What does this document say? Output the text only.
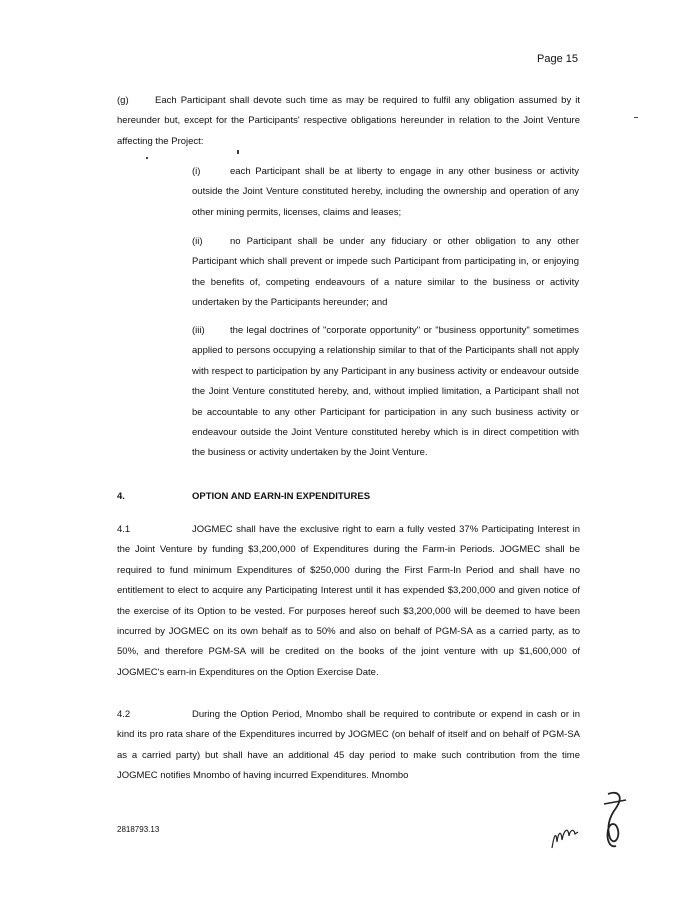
Page 15

(g)	Each Participant shall devote such time as may be required to fulfil any obligation assumed by it hereunder but, except for the Participants' respective obligations hereunder in relation to the Joint Venture affecting the Project:

(i)	each Participant shall be at liberty to engage in any other business or activity outside the Joint Venture constituted hereby, including the ownership and operation of any other mining permits, licenses, claims and leases;

(ii)	no Participant shall be under any fiduciary or other obligation to any other Participant which shall prevent or impede such Participant from participating in, or enjoying the benefits of, competing endeavours of a nature similar to the business or activity undertaken by the Participants hereunder; and

(iii)	the legal doctrines of "corporate opportunity" or "business opportunity" sometimes applied to persons occupying a relationship similar to that of the Participants shall not apply with respect to participation by any Participant in any business activity or endeavour outside the Joint Venture constituted hereby, and, without implied limitation, a Participant shall not be accountable to any other Participant for participation in any such business activity or endeavour outside the Joint Venture constituted hereby which is in direct competition with the business or activity undertaken by the Joint Venture.

4.	OPTION AND EARN-IN EXPENDITURES

4.1	JOGMEC shall have the exclusive right to earn a fully vested 37% Participating Interest in the Joint Venture by funding $3,200,000 of Expenditures during the Farm-in Periods. JOGMEC shall be required to fund minimum Expenditures of $250,000 during the First Farm-In Period and shall have no entitlement to elect to acquire any Participating Interest until it has expended $3,200,000 and given notice of the exercise of its Option to be vested. For purposes hereof such $3,200,000 will be deemed to have been incurred by JOGMEC on its own behalf as to 50% and also on behalf of PGM-SA as a carried party, as to 50%, and therefore PGM-SA will be credited on the books of the joint venture with up $1,600,000 of JOGMEC's earn-in Expenditures on the Option Exercise Date.

4.2	During the Option Period, Mnombo shall be required to contribute or expend in cash or in kind its pro rata share of the Expenditures incurred by JOGMEC (on behalf of itself and on behalf of PGM-SA as a carried party) but shall have an additional 45 day period to make such contribution from the time JOGMEC notifies Mnombo of having incurred Expenditures. Mnombo

2818793.13
